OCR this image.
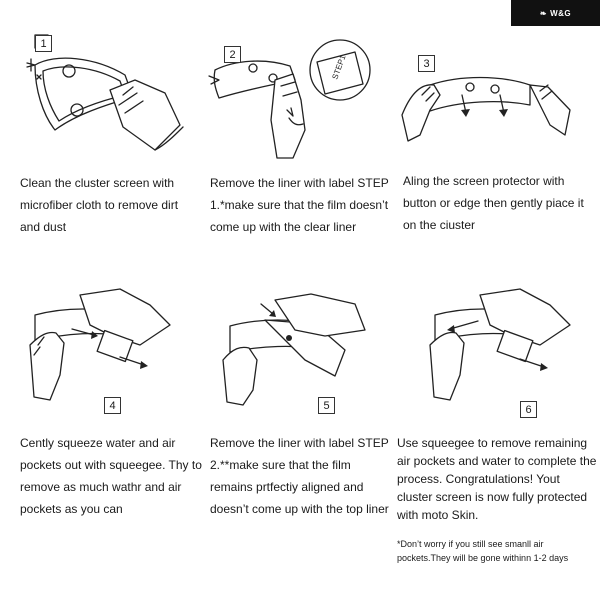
❧ W&G
1
Clean the cluster screen with microfiber cloth to remove dirt and dust
STEP1
2
Remove the liner with label STEP 1.*make sure that the film doesn’t come up with the clear liner
3
Aling the screen protector with button or edge then gently piace it on the ciuster
4
Cently squeeze water and air pockets out with squeegee. Thy to remove as much wathr and air pockets as you can
5
Remove the liner with label STEP 2.**make sure that the film remains prtfectiy aligned and doesn’t come up with the top liner
6
Use squeegee to remove remaining air pockets and water to complete the process. Congratulations! Yout cluster screen is now fully protected with moto Skin.
*Don’t worry if you still see smanll air pockets.They will be gone withinn 1-2 days
